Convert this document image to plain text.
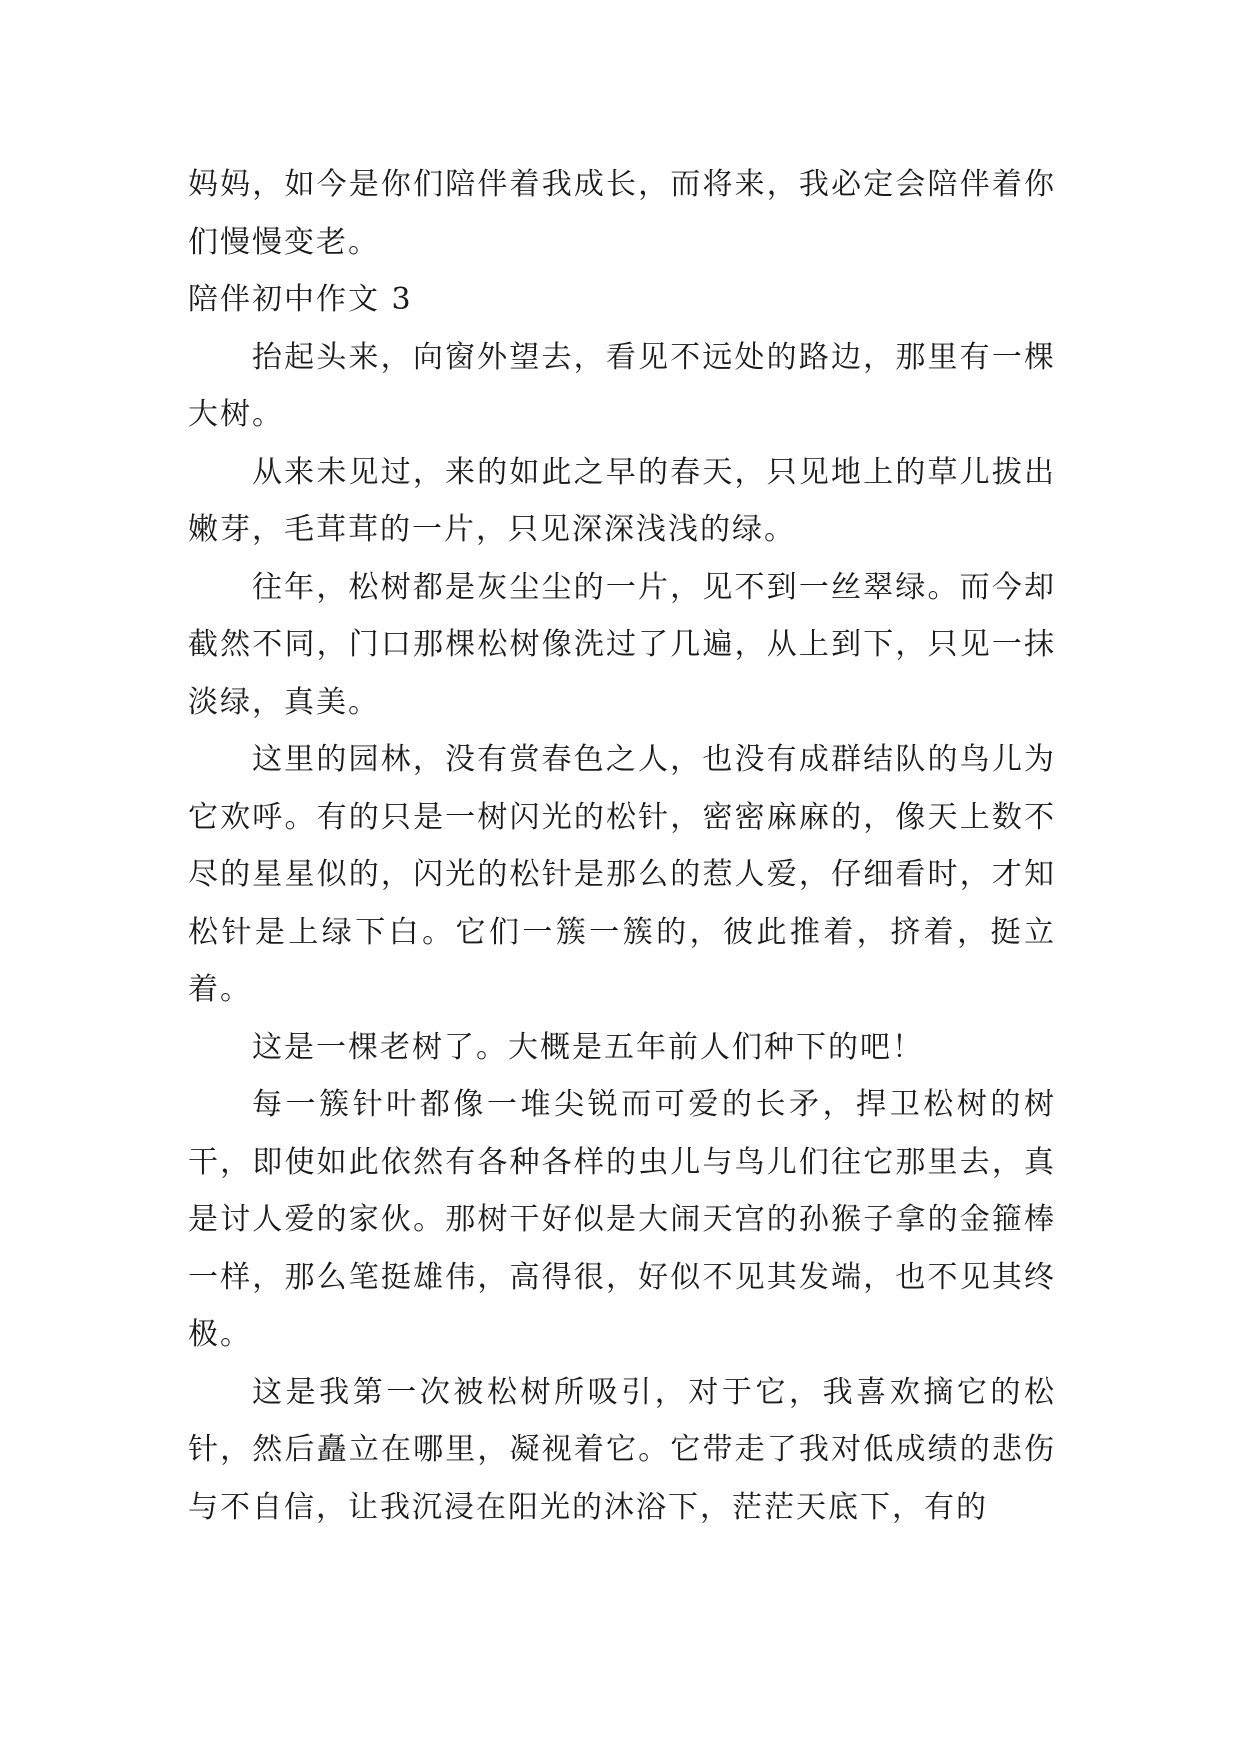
妈妈，如今是你们陪伴着我成长，而将来，我必定会陪伴着你们慢慢变老。

陪伴初中作文 3

抬起头来，向窗外望去，看见不远处的路边，那里有一棵大树。

从来未见过，来的如此之早的春天，只见地上的草儿拔出嫩芽，毛茸茸的一片，只见深深浅浅的绿。

往年，松树都是灰尘尘的一片，见不到一丝翠绿。而今却截然不同，门口那棵松树像洗过了几遍，从上到下，只见一抹淡绿，真美。

这里的园林，没有赏春色之人，也没有成群结队的鸟儿为它欢呼。有的只是一树闪光的松针，密密麻麻的，像天上数不尽的星星似的，闪光的松针是那么的惹人爱，仔细看时，才知松针是上绿下白。它们一簇一簇的，彼此推着，挤着，挺立着。

这是一棵老树了。大概是五年前人们种下的吧！

每一簇针叶都像一堆尖锐而可爱的长矛，捍卫松树的树干，即使如此依然有各种各样的虫儿与鸟儿们往它那里去，真是讨人爱的家伙。那树干好似是大闹天宫的孙猴子拿的金箍棒一样，那么笔挺雄伟，高得很，好似不见其发端，也不见其终极。

这是我第一次被松树所吸引，对于它，我喜欢摘它的松针，然后矗立在哪里，凝视着它。它带走了我对低成绩的悲伤与不自信，让我沉浸在阳光的沐浴下，茫茫天底下，有的
